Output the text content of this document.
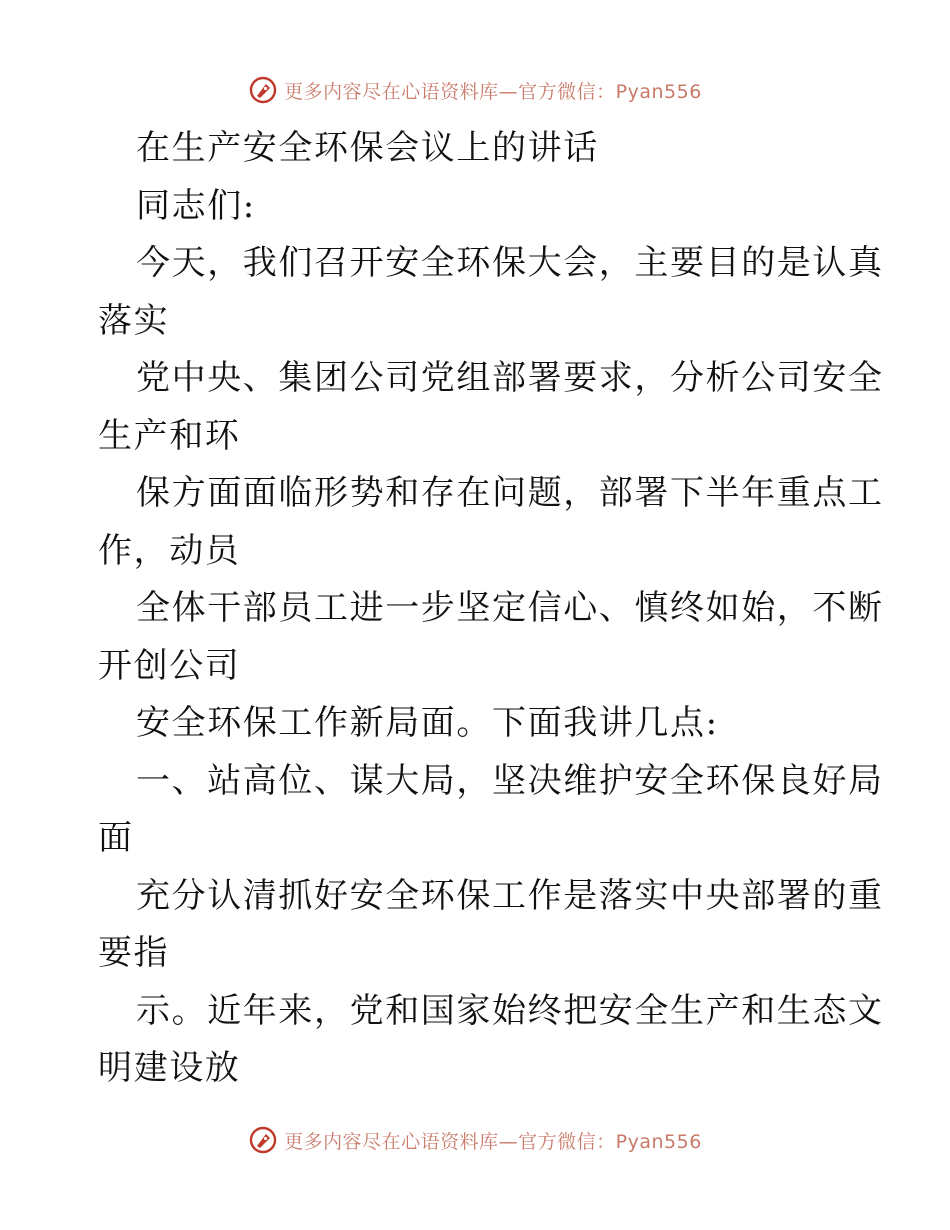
更多内容尽在心语资料库—官方微信：Pyan556
在生产安全环保会议上的讲话
同志们:
今天，我们召开安全环保大会，主要目的是认真
落实
党中央、集团公司党组部署要求，分析公司安全
生产和环
保方面面临形势和存在问题，部署下半年重点工
作，动员
全体干部员工进一步坚定信心、慎终如始，不断
开创公司
安全环保工作新局面。下面我讲几点:
一、站高位、谋大局，坚决维护安全环保良好局
面
充分认清抓好安全环保工作是落实中央部署的重
要指
示。近年来，党和国家始终把安全生产和生态文
明建设放
更多内容尽在心语资料库—官方微信：Pyan556
